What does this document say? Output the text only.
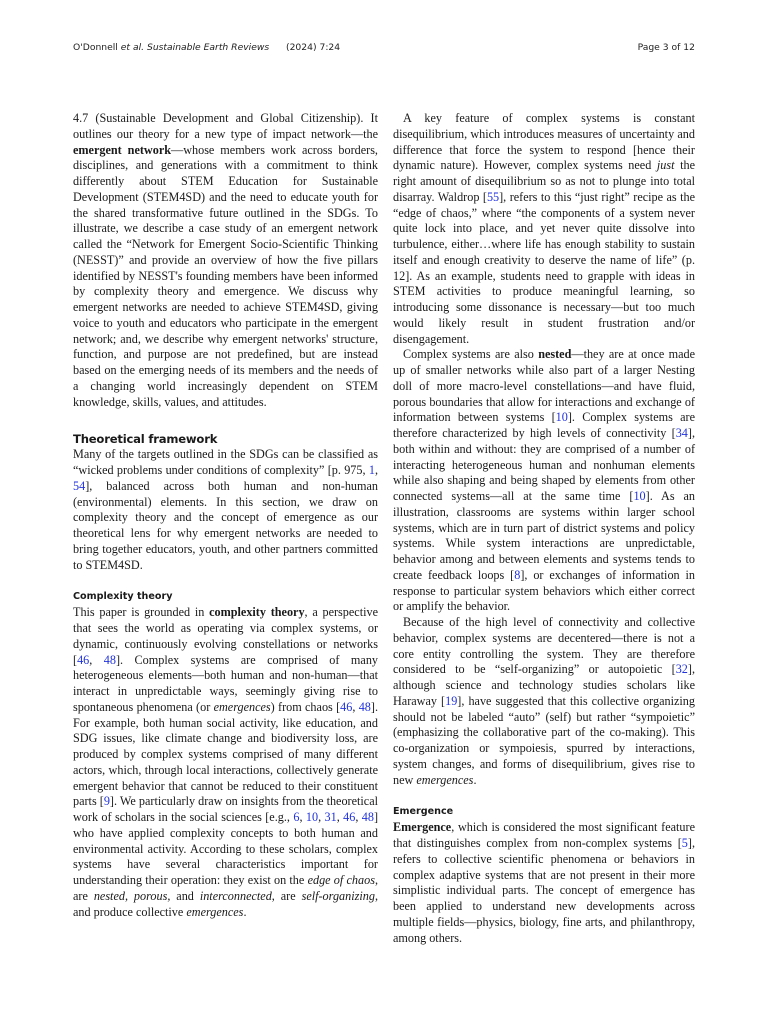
O'Donnell et al. Sustainable Earth Reviews (2024) 7:24	Page 3 of 12

4.7 (Sustainable Development and Global Citizenship). It outlines our theory for a new type of impact network—the emergent network—whose members work across borders, disciplines, and generations with a commitment to think differently about STEM Education for Sustainable Development (STEM4SD) and the need to educate youth for the shared transformative future outlined in the SDGs. To illustrate, we describe a case study of an emergent network called the “Network for Emergent Socio-Scientific Thinking (NESST)” and provide an overview of how the five pillars identified by NESST's founding members have been informed by complexity theory and emergence. We discuss why emergent networks are needed to achieve STEM4SD, giving voice to youth and educators who participate in the emergent network; and, we describe why emergent networks' structure, function, and purpose are not predefined, but are instead based on the emerging needs of its members and the needs of a changing world increasingly dependent on STEM knowledge, skills, values, and attitudes.

Theoretical framework

Many of the targets outlined in the SDGs can be classified as “wicked problems under conditions of complexity” [p. 975, 1, 54], balanced across both human and non-human (environmental) elements. In this section, we draw on complexity theory and the concept of emergence as our theoretical lens for why emergent networks are needed to bring together educators, youth, and other partners committed to STEM4SD.

Complexity theory

This paper is grounded in complexity theory, a perspective that sees the world as operating via complex systems, or dynamic, continuously evolving constellations or networks [46, 48]. Complex systems are comprised of many heterogeneous elements—both human and non-human—that interact in unpredictable ways, seemingly giving rise to spontaneous phenomena (or emergences) from chaos [46, 48]. For example, both human social activity, like education, and SDG issues, like climate change and biodiversity loss, are produced by complex systems comprised of many different actors, which, through local interactions, collectively generate emergent behavior that cannot be reduced to their constituent parts [9]. We particularly draw on insights from the theoretical work of scholars in the social sciences [e.g., 6, 10, 31, 46, 48] who have applied complexity concepts to both human and environmental activity. According to these scholars, complex systems have several characteristics important for understanding their operation: they exist on the edge of chaos, are nested, porous, and interconnected, are self-organizing, and produce collective emergences.

A key feature of complex systems is constant disequilibrium, which introduces measures of uncertainty and difference that force the system to respond [hence their dynamic nature). However, complex systems need just the right amount of disequilibrium so as not to plunge into total disarray. Waldrop [55], refers to this “just right” recipe as the “edge of chaos,” where “the components of a system never quite lock into place, and yet never quite dissolve into turbulence, either…where life has enough stability to sustain itself and enough creativity to deserve the name of life” (p. 12]. As an example, students need to grapple with ideas in STEM activities to produce meaningful learning, so introducing some dissonance is necessary—but too much would likely result in student frustration and/or disengagement.

Complex systems are also nested—they are at once made up of smaller networks while also part of a larger Nesting doll of more macro-level constellations—and have fluid, porous boundaries that allow for interactions and exchange of information between systems [10]. Complex systems are therefore characterized by high levels of connectivity [34], both within and without: they are comprised of a number of interacting heterogeneous human and nonhuman elements while also shaping and being shaped by elements from other connected systems—all at the same time [10]. As an illustration, classrooms are systems within larger school systems, which are in turn part of district systems and policy systems. While system interactions are unpredictable, behavior among and between elements and systems tends to create feedback loops [8], or exchanges of information in response to particular system behaviors which either correct or amplify the behavior.

Because of the high level of connectivity and collective behavior, complex systems are decentered—there is not a core entity controlling the system. They are therefore considered to be “self-organizing” or autopoietic [32], although science and technology studies scholars like Haraway [19], have suggested that this collective organizing should not be labeled “auto” (self) but rather “sympoietic” (emphasizing the collaborative part of the co-making). This co-organization or sympoiesis, spurred by interactions, system changes, and forms of disequilibrium, gives rise to new emergences.

Emergence

Emergence, which is considered the most significant feature that distinguishes complex from non-complex systems [5], refers to collective scientific phenomena or behaviors in complex adaptive systems that are not present in their more simplistic individual parts. The concept of emergence has been applied to understand new developments across multiple fields—physics, biology, fine arts, and philanthropy, among others.
